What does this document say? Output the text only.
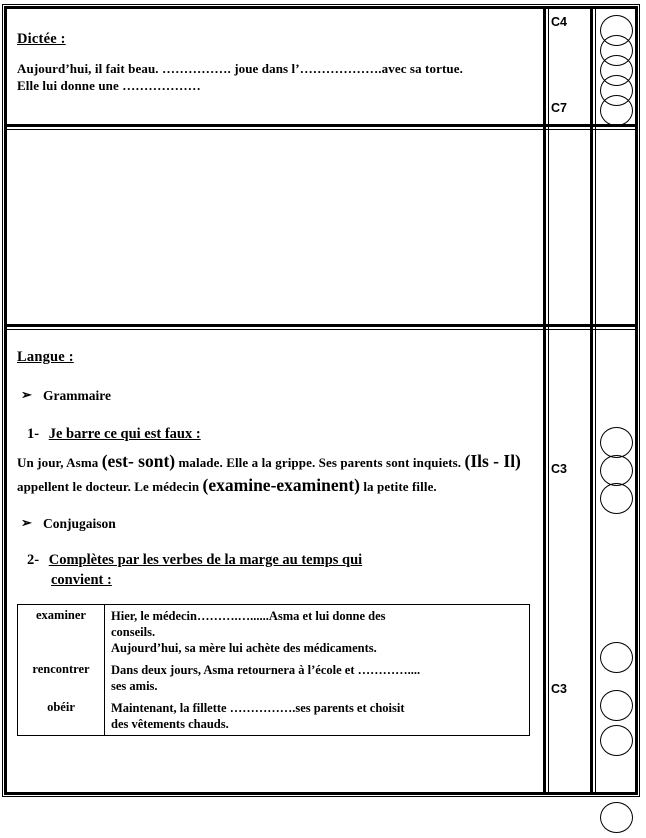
Dictée :
Aujourd’hui, il fait beau. ……………. joue dans l’……………….avec sa tortue.
Elle lui donne une ………………
C4
C7
Langue :
➢ Grammaire
1- Je barre ce qui est faux :
Un jour, Asma (est- sont) malade. Elle a la grippe. Ses parents sont inquiets. (Ils - Il) appellent le docteur. Le médecin (examine-examinent) la petite fille.
➢ Conjugaison
2- Complètes par les verbes de la marge au temps qui
convient :
examiner	Hier, le médecin……….…......Asma et lui donne des
conseils.
Aujourd’hui, sa mère lui achète des médicaments.

rencontrer	Dans deux jours, Asma retournera à l’école et …………....
ses amis.

obéir	Maintenant, la fillette …………….ses parents et choisit
des vêtements chauds.
C3
C3
